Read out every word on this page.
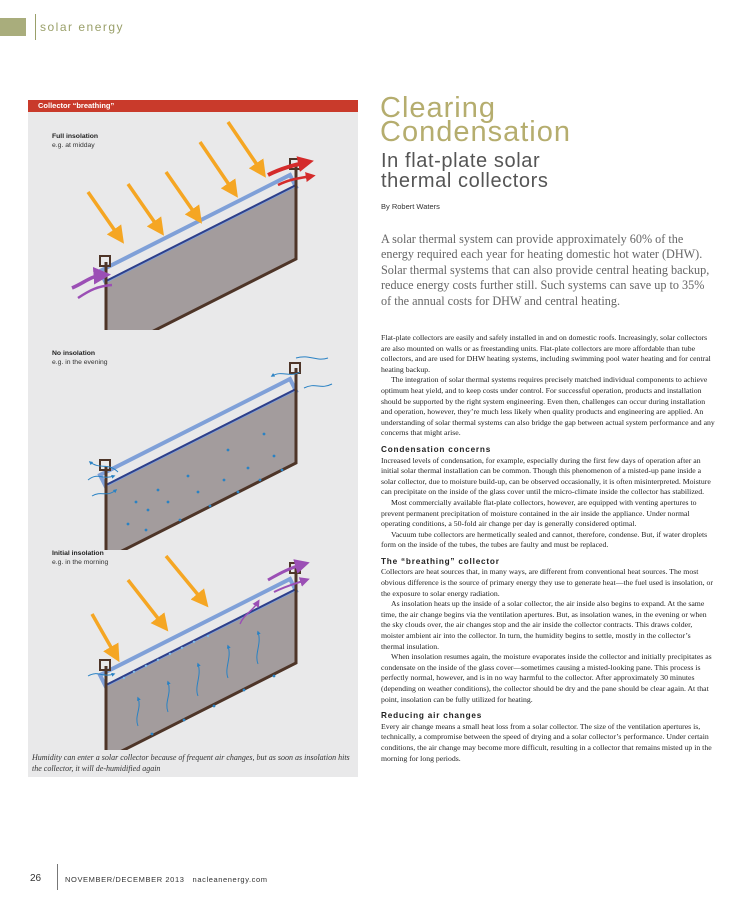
solar energy
Collector “breathing”
Full insolation
e.g. at midday
No insolation
e.g. in the evening
Initial insolation
e.g. in the morning
Humidity can enter a solar collector because of frequent air changes, but as soon as insolation hits the collector, it will de-humidified again
Clearing
Condensation
In flat-plate solar
thermal collectors
By Robert Waters
A solar thermal system can provide approximately 60% of the energy required each year for heating domestic hot water (DHW). Solar thermal systems that can also provide central heating backup, reduce energy costs further still. Such systems can save up to 35% of the annual costs for DHW and central heating.

Flat-plate collectors are easily and safely installed in and on domestic roofs. Increasingly, solar collectors are also mounted on walls or as freestanding units. Flat-plate collectors are more affordable than tube collectors, and are used for DHW heating systems, including swimming pool water heating and for central heating backup.

The integration of solar thermal systems requires precisely matched individual components to achieve optimum heat yield, and to keep costs under control. For successful operation, products and installation should be supported by the right system engineering. Even then, challenges can occur during installation and operation, however, they’re much less likely when quality products and engineering are applied. An understanding of solar thermal systems can also bridge the gap between actual system performance and any concerns that might arise.

Condensation concerns

Increased levels of condensation, for example, especially during the first few days of operation after an initial solar thermal installation can be common. Though this phenomenon of a misted-up pane inside a solar collector, due to moisture build-up, can be observed occasionally, it is often misinterpreted. Moisture can precipitate on the inside of the glass cover until the micro-climate inside the collector has stabilized.

Most commercially available flat-plate collectors, however, are equipped with venting apertures to prevent permanent precipitation of moisture contained in the air inside the appliance. Under normal operating conditions, a 50-fold air change per day is generally considered optimal.

Vacuum tube collectors are hermetically sealed and cannot, therefore, condense. But, if water droplets form on the inside of the tubes, the tubes are faulty and must be replaced.

The “breathing” collector

Collectors are heat sources that, in many ways, are different from conventional heat sources. The most obvious difference is the source of primary energy they use to generate heat—the fuel used is insolation, or the exposure to solar energy radiation.

As insolation heats up the inside of a solar collector, the air inside also begins to expand. At the same time, the air change begins via the ventilation apertures. But, as insolation wanes, in the evening or when the sky clouds over, the air changes stop and the air inside the collector contracts. This draws colder, moister ambient air into the collector. In turn, the humidity begins to settle, mostly in the collector’s thermal insulation.

When insolation resumes again, the moisture evaporates inside the collector and initially precipitates as condensate on the inside of the glass cover—sometimes causing a misted-looking pane. This process is perfectly normal, however, and is in no way harmful to the collector. After approximately 30 minutes (depending on weather conditions), the collector should be dry and the pane should be clear again. At that point, insolation can be fully utilized for heating.

Reducing air changes

Every air change means a small heat loss from a solar collector. The size of the ventilation apertures is, technically, a compromise between the speed of drying and a solar collector’s performance. Under certain conditions, the air change may become more difficult, resulting in a collector that remains misted up in the morning for long periods.

26	NOVEMBER/DECEMBER 2013 nacleanenergy.com
